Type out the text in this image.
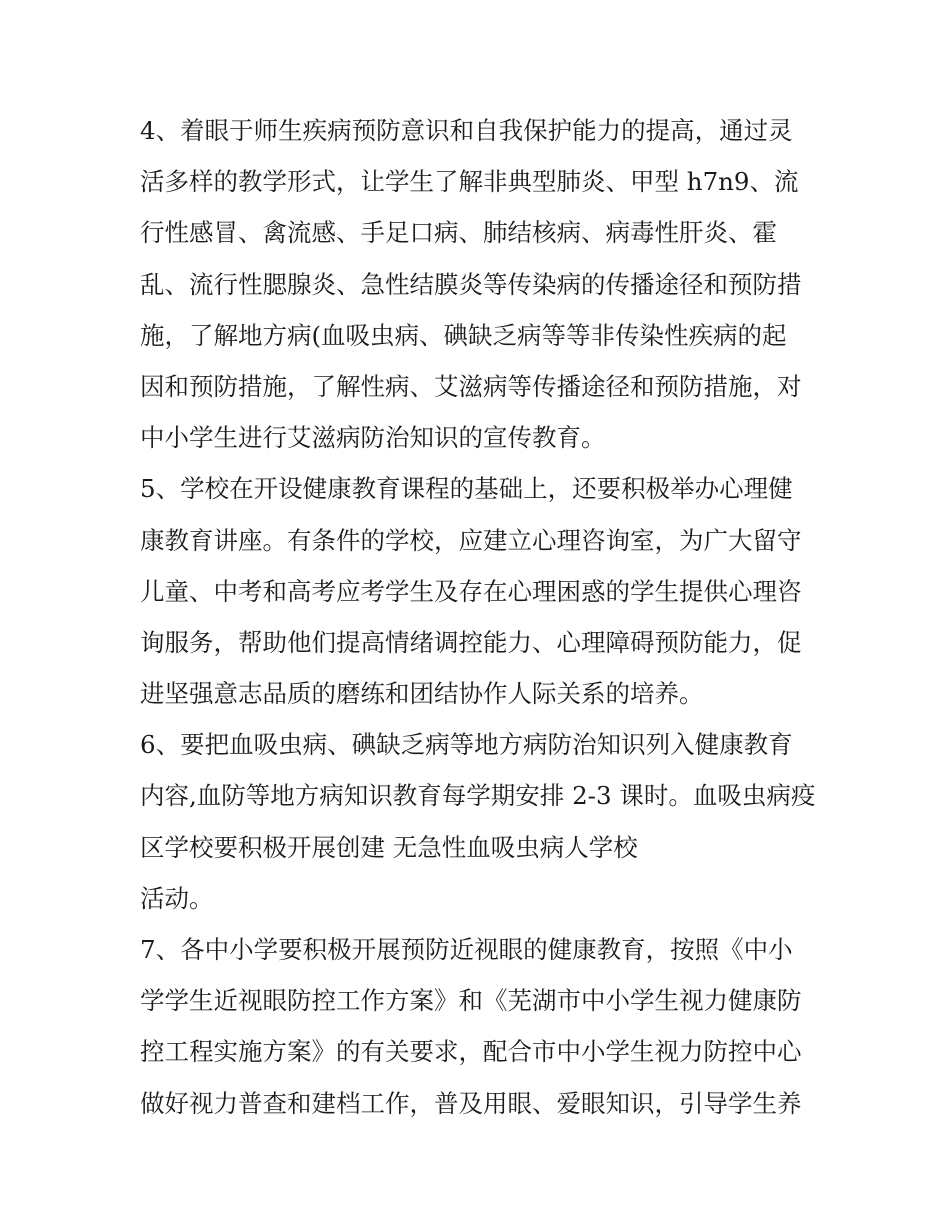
4、着眼于师生疾病预防意识和自我保护能力的提高，通过灵
活多样的教学形式，让学生了解非典型肺炎、甲型 h7n9、流
行性感冒、禽流感、手足口病、肺结核病、病毒性肝炎、霍
乱、流行性腮腺炎、急性结膜炎等传染病的传播途径和预防措
施，了解地方病(血吸虫病、碘缺乏病等等非传染性疾病的起
因和预防措施，了解性病、艾滋病等传播途径和预防措施，对
中小学生进行艾滋病防治知识的宣传教育。
5、学校在开设健康教育课程的基础上，还要积极举办心理健
康教育讲座。有条件的学校，应建立心理咨询室，为广大留守
儿童、中考和高考应考学生及存在心理困惑的学生提供心理咨
询服务，帮助他们提高情绪调控能力、心理障碍预防能力，促
进坚强意志品质的磨练和团结协作人际关系的培养。
6、要把血吸虫病、碘缺乏病等地方病防治知识列入健康教育
内容,血防等地方病知识教育每学期安排 2-3 课时。血吸虫病疫
区学校要积极开展创建 无急性血吸虫病人学校
活动。
7、各中小学要积极开展预防近视眼的健康教育，按照《中小
学学生近视眼防控工作方案》和《芜湖市中小学生视力健康防
控工程实施方案》的有关要求，配合市中小学生视力防控中心
做好视力普查和建档工作，普及用眼、爱眼知识，引导学生养
